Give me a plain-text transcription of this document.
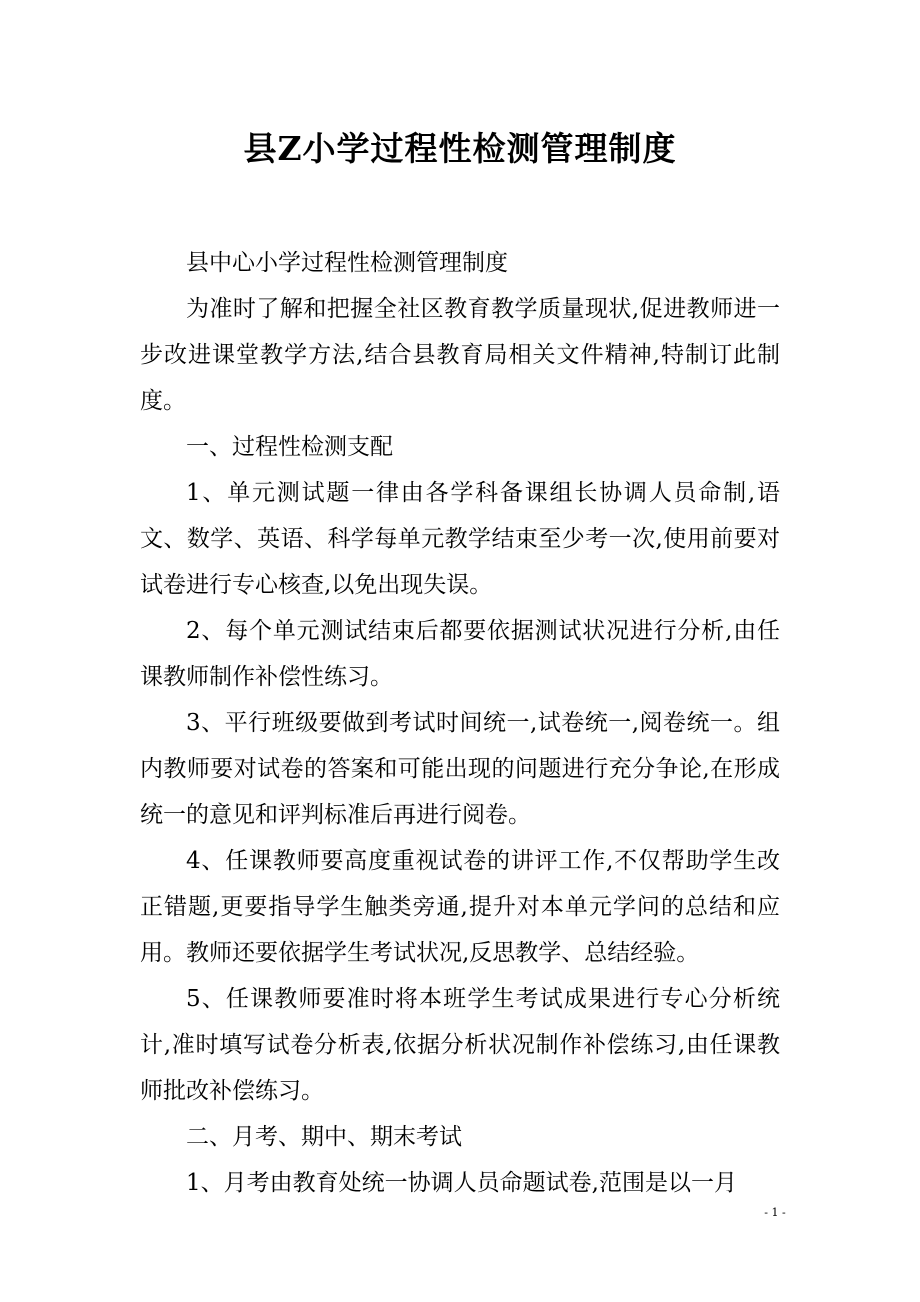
县Z小学过程性检测管理制度

县中心小学过程性检测管理制度

为准时了解和把握全社区教育教学质量现状,促进教师进一步改进课堂教学方法,结合县教育局相关文件精神,特制订此制度。

一、过程性检测支配

1、单元测试题一律由各学科备课组长协调人员命制,语文、数学、英语、科学每单元教学结束至少考一次,使用前要对试卷进行专心核查,以免出现失误。

2、每个单元测试结束后都要依据测试状况进行分析,由任课教师制作补偿性练习。

3、平行班级要做到考试时间统一,试卷统一,阅卷统一。组内教师要对试卷的答案和可能出现的问题进行充分争论,在形成统一的意见和评判标准后再进行阅卷。

4、任课教师要高度重视试卷的讲评工作,不仅帮助学生改正错题,更要指导学生触类旁通,提升对本单元学问的总结和应用。教师还要依据学生考试状况,反思教学、总结经验。

5、任课教师要准时将本班学生考试成果进行专心分析统计,准时填写试卷分析表,依据分析状况制作补偿练习,由任课教师批改补偿练习。

二、月考、期中、期末考试

1、月考由教育处统一协调人员命题试卷,范围是以一月

- 1 -
